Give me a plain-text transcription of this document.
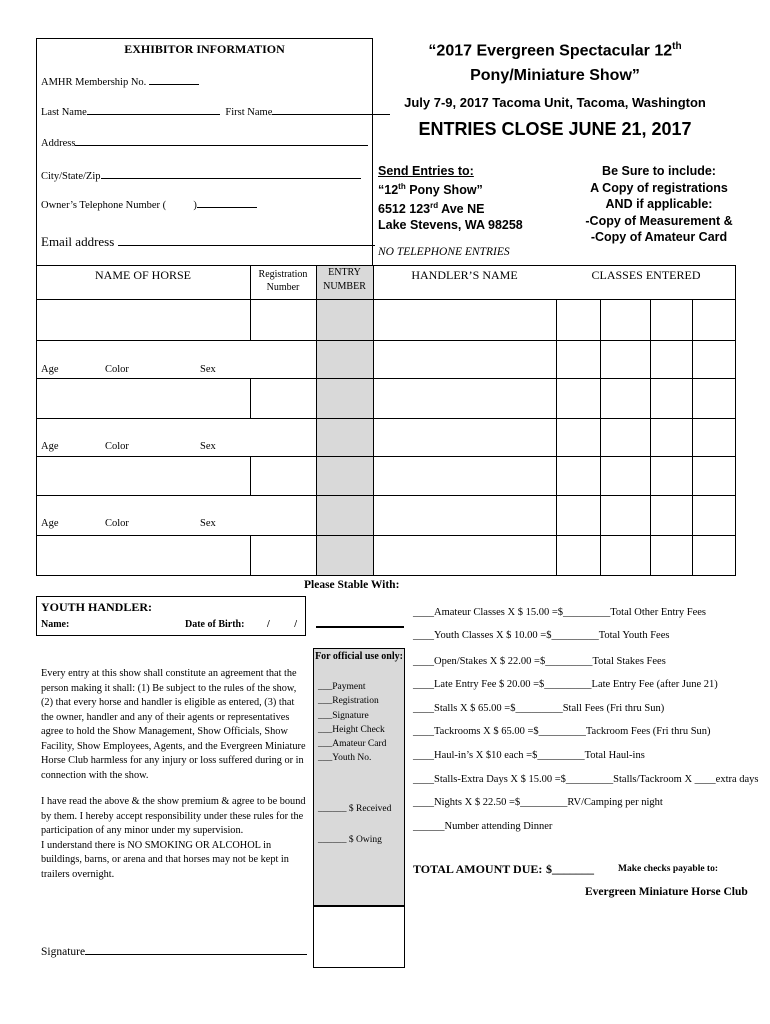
EXHIBITOR INFORMATION
AMHR Membership No.
Last Name	First Name
Address
City/State/Zip
Owner’s Telephone Number (	)
Email address
“2017 Evergreen Spectacular 12th
Pony/Miniature Show”
July 7-9, 2017 Tacoma Unit, Tacoma, Washington
ENTRIES CLOSE JUNE 21, 2017
Send Entries to:
“12th Pony Show”
6512 123rd Ave NE
Lake Stevens, WA 98258
NO TELEPHONE ENTRIES
Be Sure to include:
A Copy of registrations
AND if applicable:
-Copy of Measurement &
-Copy of Amateur Card
NAME OF HORSE	Registration
Number
ENTRY
NUMBER
HANDLER’S NAME	CLASSES ENTERED
Age	Color	Sex
Age	Color	Sex
Age	Color	Sex
Please Stable With:
YOUTH HANDLER:
Name:	Date of Birth: / /
Every entry at this show shall constitute an agreement that the person making it shall: (1) Be subject to the rules of the show, (2) that every horse and handler is eligible as entered, (3) that the owner, handler and any of their agents or representatives agree to hold the Show Management, Show Officials, Show Facility, Show Employees, Agents, and the Evergreen Miniature Horse Club harmless for any injury or loss suffered during or in connection with the show.
I have read the above & the show premium & agree to be bound by them. I hereby accept responsibility under these rules for the participation of any minor under my supervision.
I understand there is NO SMOKING OR ALCOHOL in buildings, barns, or arena and that horses may not be kept in trailers overnight.
Signature
For official use only:
___Payment
___Registration
___Signature
___Height Check
___Amateur Card
___Youth No.
______ $ Received
______ $ Owing
____Amateur Classes X $ 15.00 =$_________Total Other Entry Fees
____Youth Classes X $ 10.00 =$_________Total Youth Fees
____Open/Stakes X $ 22.00 =$_________Total Stakes Fees
____Late Entry Fee $ 20.00 =$_________Late Entry Fee (after June 21)
____Stalls X $ 65.00 =$_________Stall Fees (Fri thru Sun)
____Tackrooms X $ 65.00 =$_________Tackroom Fees (Fri thru Sun)
____Haul-in’s X $10 each =$_________Total Haul-ins
____Stalls-Extra Days X $ 15.00 =$_________Stalls/Tackroom X ____extra days
____Nights X $ 22.50 =$_________RV/Camping per night
______Number attending Dinner
TOTAL AMOUNT DUE: $_______	Make checks payable to:
Evergreen Miniature Horse Club
